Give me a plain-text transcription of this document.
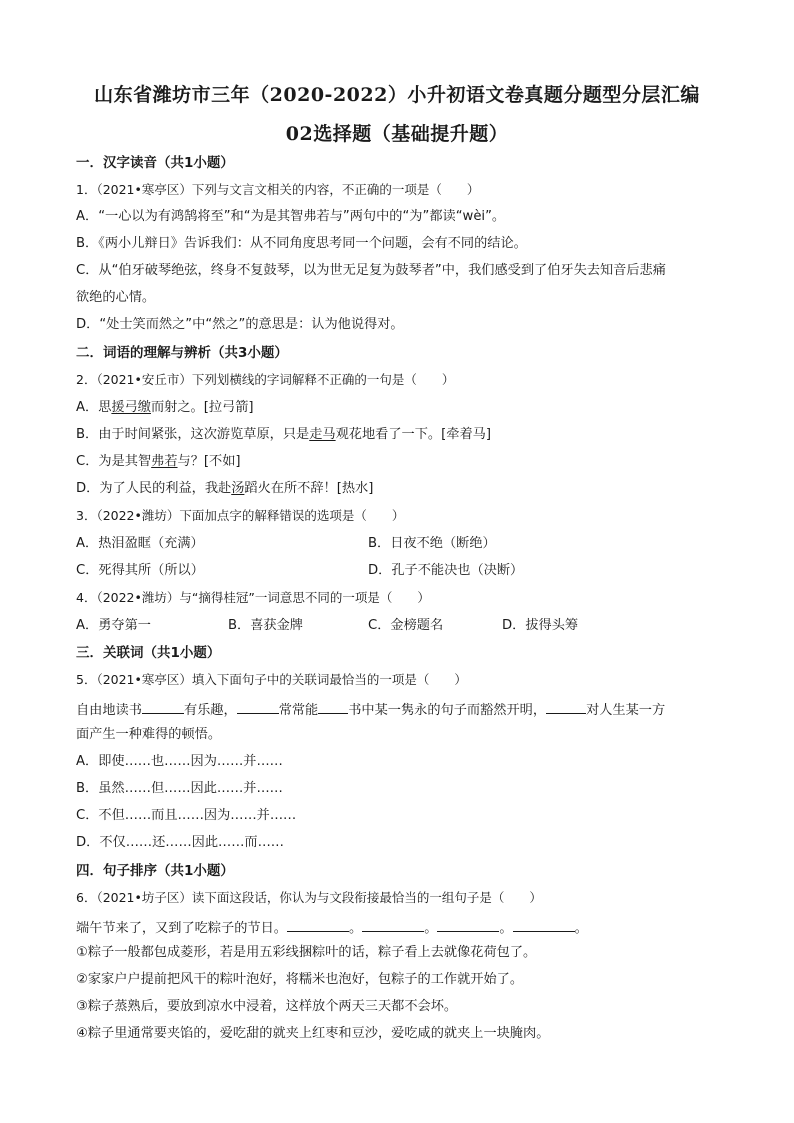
山东省潍坊市三年（2020-2022）小升初语文卷真题分题型分层汇编
02选择题（基础提升题）
一．汉字读音（共1小题）
1．（2021•寒亭区）下列与文言文相关的内容，不正确的一项是（　　）
A．“一心以为有鸿鹄将至”和“为是其智弗若与”两句中的“为”都读“wèi”。
B．《两小儿辩日》告诉我们：从不同角度思考同一个问题，会有不同的结论。
C．从“伯牙破琴绝弦，终身不复鼓琴，以为世无足复为鼓琴者”中，我们感受到了伯牙失去知音后悲痛
欲绝的心情。
D．“处士笑而然之”中“然之”的意思是：认为他说得对。
二．词语的理解与辨析（共3小题）
2．（2021•安丘市）下列划横线的字词解释不正确的一句是（　　）
A．思援弓缴而射之。[拉弓箭]
B．由于时间紧张，这次游览草原，只是走马观花地看了一下。[牵着马]
C．为是其智弗若与？[不如]
D．为了人民的利益，我赴汤蹈火在所不辞！[热水]
3．（2022•潍坊）下面加点字的解释错误的选项是（　　）
A．热泪盈眶（充满）	B．日夜不绝（断绝）
C．死得其所（所以）	D．孔子不能决也（决断）
4．（2022•潍坊）与“摘得桂冠”一词意思不同的一项是（　　）
A．勇夺第一	B．喜获金牌	C．金榜题名	D．拔得头筹
三．关联词（共1小题）
5．（2021•寒亭区）填入下面句子中的关联词最恰当的一项是（　　）
自由地读书	有乐趣，	常常能 书中某一隽永的句子而豁然开明，	对人生某一方
面产生一种难得的顿悟。
A．即使……也……因为……并……
B．虽然……但……因此……并……
C．不但……而且……因为……并……
D．不仅……还……因此……而……
四．句子排序（共1小题）
6．（2021•坊子区）读下面这段话，你认为与文段衔接最恰当的一组句子是（　　）
端午节来了，又到了吃粽子的节日。	。	。	。	。
①粽子一般都包成菱形，若是用五彩线捆粽叶的话，粽子看上去就像花荷包了。
②家家户户提前把风干的粽叶泡好，将糯米也泡好，包粽子的工作就开始了。
③粽子蒸熟后，要放到凉水中浸着，这样放个两天三天都不会坏。
④粽子里通常要夹馅的，爱吃甜的就夹上红枣和豆沙，爱吃咸的就夹上一块腌肉。
